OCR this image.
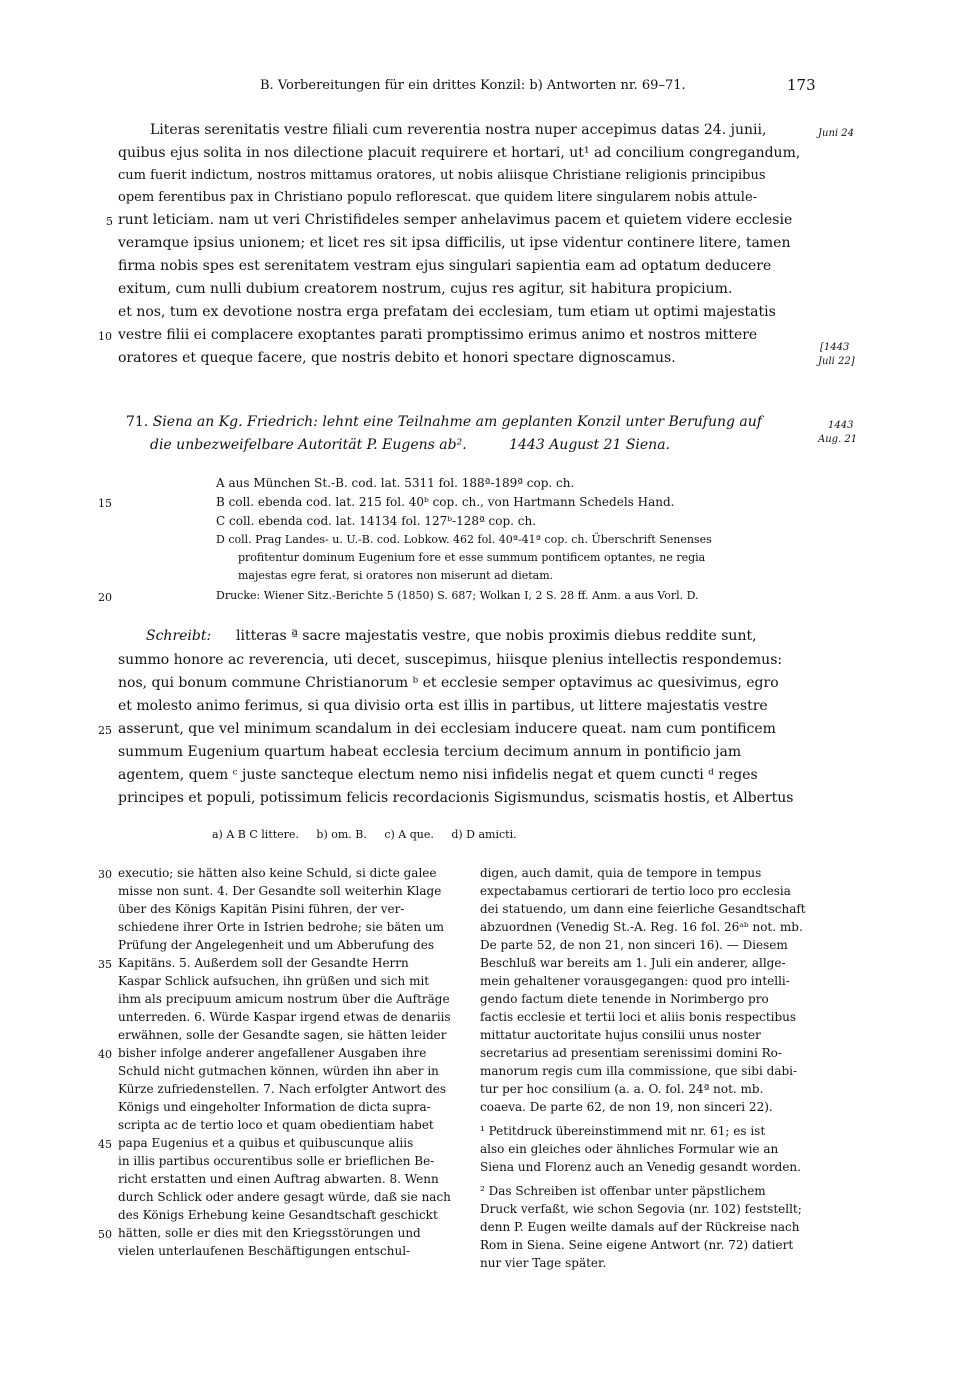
B. Vorbereitungen für ein drittes Konzil: b) Antworten nr. 69–71.	173
Literas serenitatis vestre filiali cum reverentia nostra nuper accepimus datas 24. junii,
quibus ejus solita in nos dilectione placuit requirere et hortari, ut¹ ad concilium congregandum,
cum fuerit indictum, nostros mittamus oratores, ut nobis aliisque Christiane religionis principibus
opem ferentibus pax in Christiano populo reflorescat. que quidem litere singularem nobis attule-
runt leticiam. nam ut veri Christifideles semper anhelavimus pacem et quietem videre ecclesie
veramque ipsius unionem; et licet res sit ipsa difficilis, ut ipse videntur continere litere, tamen
firma nobis spes est serenitatem vestram ejus singulari sapientia eam ad optatum deducere
exitum, cum nulli dubium creatorem nostrum, cujus res agitur, sit habitura propicium.
et nos, tum ex devotione nostra erga prefatam dei ecclesiam, tum etiam ut optimi majestatis
vestre filii ei complacere exoptantes parati promptissimo erimus animo et nostros mittere
oratores et queque facere, que nostris debito et honori spectare dignoscamus.
5
10
Juni 24
[1443
Juli 22]
71. Siena an Kg. Friedrich: lehnt eine Teilnahme am geplanten Konzil unter Berufung auf
die unbezweifelbare Autorität P. Eugens ab².	1443 August 21 Siena.
1443
Aug. 21
A aus München St.-B. cod. lat. 5311 fol. 188ª-189ª cop. ch.
B coll. ebenda cod. lat. 215 fol. 40ᵇ cop. ch., von Hartmann Schedels Hand.
C coll. ebenda cod. lat. 14134 fol. 127ᵇ-128ª cop. ch.
D coll. Prag Landes- u. U.-B. cod. Lobkow. 462 fol. 40ª-41ª cop. ch. Überschrift Senenses
profitentur dominum Eugenium fore et esse summum pontificem optantes, ne regia
majestas egre ferat, si oratores non miserunt ad dietam.
Drucke: Wiener Sitz.-Berichte 5 (1850) S. 687; Wolkan I, 2 S. 28 ff. Anm. a aus Vorl. D.
15
20
Schreibt: litteras ª sacre majestatis vestre, que nobis proximis diebus reddite sunt,
summo honore ac reverencia, uti decet, suscepimus, hiisque plenius intellectis respondemus:
nos, qui bonum commune Christianorum ᵇ et ecclesie semper optavimus ac quesivimus, egro
et molesto animo ferimus, si qua divisio orta est illis in partibus, ut littere majestatis vestre
asserunt, que vel minimum scandalum in dei ecclesiam inducere queat. nam cum pontificem
summum Eugenium quartum habeat ecclesia tercium decimum annum in pontificio jam
agentem, quem ᶜ juste sancteque electum nemo nisi infidelis negat et quem cuncti ᵈ reges
principes et populi, potissimum felicis recordacionis Sigismundus, scismatis hostis, et Albertus
25
a) A B C littere.     b) om. B.     c) A que.     d) D amicti.
executio; sie hätten also keine Schuld, si dicte galee
misse non sunt. 4. Der Gesandte soll weiterhin Klage
über des Königs Kapitän Pisini führen, der ver-
schiedene ihrer Orte in Istrien bedrohe; sie bäten um
Prüfung der Angelegenheit und um Abberufung des
Kapitäns. 5. Außerdem soll der Gesandte Herrn
Kaspar Schlick aufsuchen, ihn grüßen und sich mit
ihm als precipuum amicum nostrum über die Aufträge
unterreden. 6. Würde Kaspar irgend etwas de denariis
erwähnen, solle der Gesandte sagen, sie hätten leider
bisher infolge anderer angefallener Ausgaben ihre
Schuld nicht gutmachen können, würden ihn aber in
Kürze zufriedenstellen. 7. Nach erfolgter Antwort des
Königs und eingeholter Information de dicta supra-
scripta ac de tertio loco et quam obedientiam habet
papa Eugenius et a quibus et quibuscunque aliis
in illis partibus occurentibus solle er brieflichen Be-
richt erstatten und einen Auftrag abwarten. 8. Wenn
durch Schlick oder andere gesagt würde, daß sie nach
des Königs Erhebung keine Gesandtschaft geschickt
hätten, solle er dies mit den Kriegsstörungen und
vielen unterlaufenen Beschäftigungen entschul-
30
35
40
45
50
digen, auch damit, quia de tempore in tempus
expectabamus certiorari de tertio loco pro ecclesia
dei statuendo, um dann eine feierliche Gesandtschaft
abzuordnen (Venedig St.-A. Reg. 16 fol. 26ᵃᵇ not. mb.
De parte 52, de non 21, non sinceri 16). — Diesem
Beschluß war bereits am 1. Juli ein anderer, allge-
mein gehaltener vorausgegangen: quod pro intelli-
gendo factum diete tenende in Norimbergo pro
factis ecclesie et tertii loci et aliis bonis respectibus
mittatur auctoritate hujus consilii unus noster
secretarius ad presentiam serenissimi domini Ro-
manorum regis cum illa commissione, que sibi dabi-
tur per hoc consilium (a. a. O. fol. 24ª not. mb.
coaeva. De parte 62, de non 19, non sinceri 22).
¹ Petitdruck übereinstimmend mit nr. 61; es ist
also ein gleiches oder ähnliches Formular wie an
Siena und Florenz auch an Venedig gesandt worden.
² Das Schreiben ist offenbar unter päpstlichem
Druck verfaßt, wie schon Segovia (nr. 102) feststellt;
denn P. Eugen weilte damals auf der Rückreise nach
Rom in Siena. Seine eigene Antwort (nr. 72) datiert
nur vier Tage später.
